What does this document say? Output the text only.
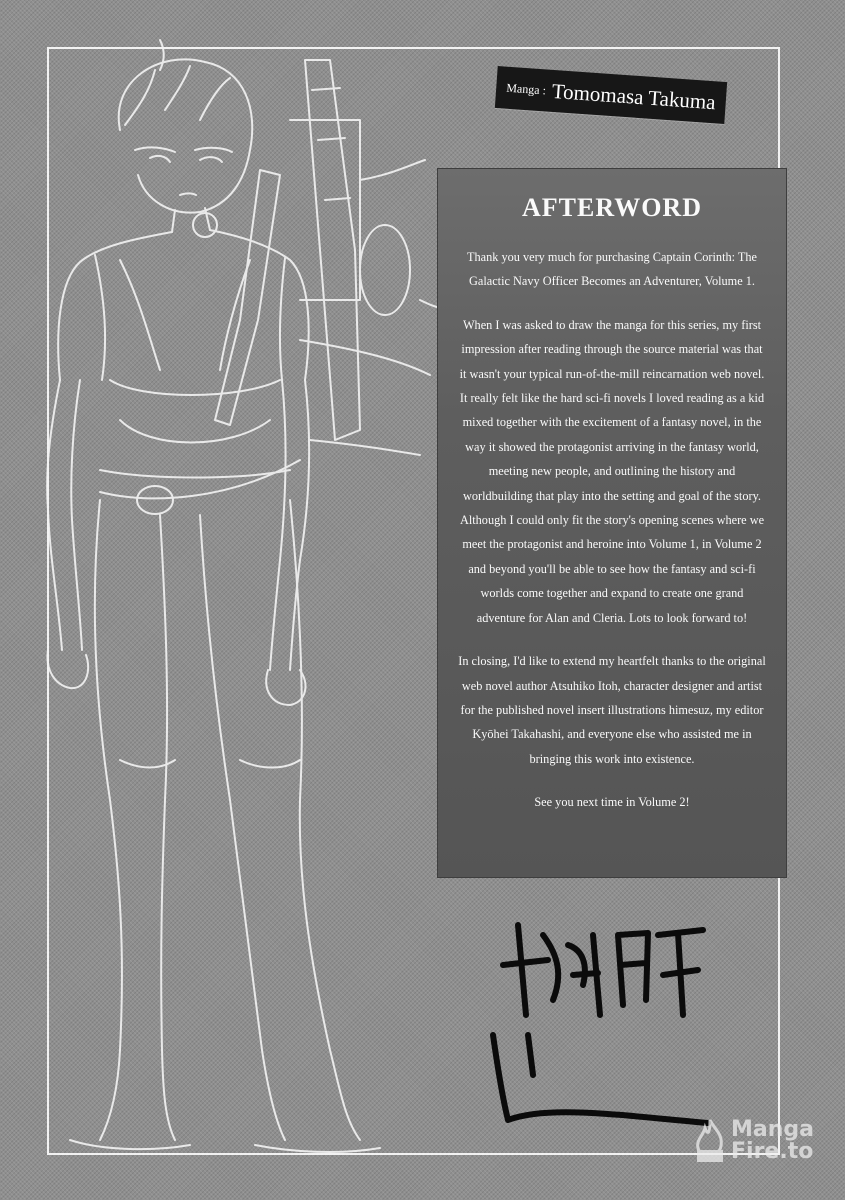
Manga : Tomomasa Takuma
AFTERWORD

Thank you very much for purchasing Captain Corinth: The Galactic Navy Officer Becomes an Adventurer, Volume 1.

When I was asked to draw the manga for this series, my first impression after reading through the source material was that it wasn't your typical run-of-the-mill reincarnation web novel. It really felt like the hard sci-fi novels I loved reading as a kid mixed together with the excitement of a fantasy novel, in the way it showed the protagonist arriving in the fantasy world, meeting new people, and outlining the history and worldbuilding that play into the setting and goal of the story. Although I could only fit the story's opening scenes where we meet the protagonist and heroine into Volume 1, in Volume 2 and beyond you'll be able to see how the fantasy and sci-fi worlds come together and expand to create one grand adventure for Alan and Cleria. Lots to look forward to!

In closing, I'd like to extend my heartfelt thanks to the original web novel author Atsuhiko Itoh, character designer and artist for the published novel insert illustrations himesuz, my editor Kyōhei Takahashi, and everyone else who assisted me in bringing this work into existence.

See you next time in Volume 2!

Manga
Fire.to
